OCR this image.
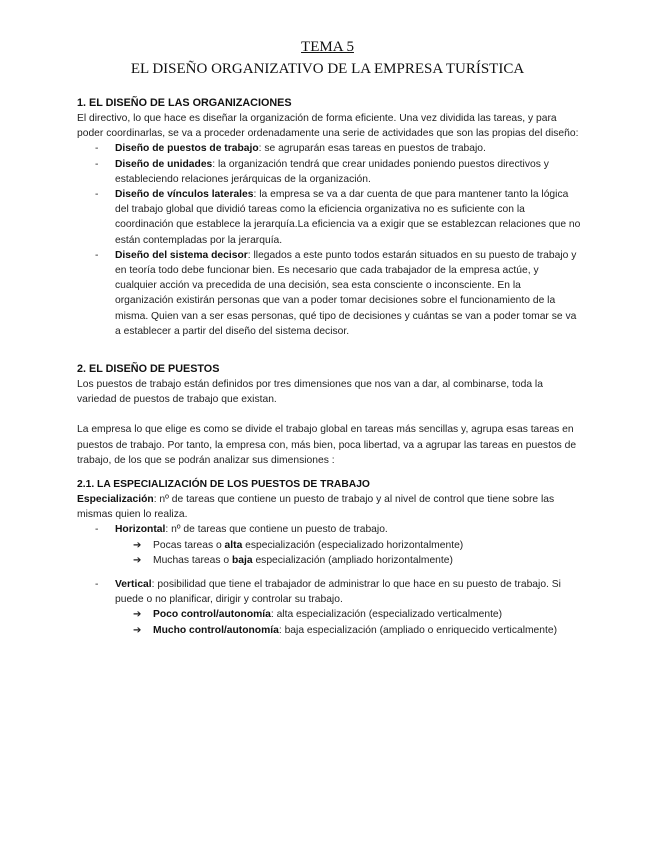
TEMA 5

EL DISEÑO ORGANIZATIVO DE LA EMPRESA TURÍSTICA

1. EL DISEÑO DE LAS ORGANIZACIONES

El directivo, lo que hace es diseñar la organización de forma eficiente. Una vez dividida las tareas, y para poder coordinarlas, se va a proceder ordenadamente una serie de actividades que son las propias del diseño:

- Diseño de puestos de trabajo: se agruparán esas tareas en puestos de trabajo.
- Diseño de unidades: la organización tendrá que crear unidades poniendo puestos directivos y estableciendo relaciones jerárquicas de la organización.
- Diseño de vínculos laterales: la empresa se va a dar cuenta de que para mantener tanto la lógica del trabajo global que dividió tareas como la eficiencia organizativa no es suficiente con la coordinación que establece la jerarquía.La eficiencia va a exigir que se establezcan relaciones que no están contempladas por la jerarquía.
- Diseño del sistema decisor: llegados a este punto todos estarán situados en su puesto de trabajo y en teoría todo debe funcionar bien. Es necesario que cada trabajador de la empresa actúe, y cualquier acción va precedida de una decisión, sea esta consciente o inconsciente. En la organización existirán personas que van a poder tomar decisiones sobre el funcionamiento de la misma. Quien van a ser esas personas, qué tipo de decisiones y cuántas se van a poder tomar se va a establecer a partir del diseño del sistema decisor.
2. EL DISEÑO DE PUESTOS

Los puestos de trabajo están definidos por tres dimensiones que nos van a dar, al combinarse, toda la variedad de puestos de trabajo que existan.

La empresa lo que elige es como se divide el trabajo global en tareas más sencillas y, agrupa esas tareas en puestos de trabajo. Por tanto, la empresa con, más bien, poca libertad, va a agrupar las tareas en puestos de trabajo, de los que se podrán analizar sus dimensiones :

2.1. LA ESPECIALIZACIÓN DE LOS PUESTOS DE TRABAJO

Especialización: nº de tareas que contiene un puesto de trabajo y al nivel de control que tiene sobre las mismas quien lo realiza.

- Horizontal: nº de tareas que contiene un puesto de trabajo.
➔ Pocas tareas o alta especialización (especializado horizontalmente)
➔ Muchas tareas o baja especialización (ampliado horizontalmente)
- Vertical: posibilidad que tiene el trabajador de administrar lo que hace en su puesto de trabajo. Si puede o no planificar, dirigir y controlar su trabajo.
➔ Poco control/autonomía: alta especialización (especializado verticalmente)
➔ Mucho control/autonomía: baja especialización (ampliado o enriquecido verticalmente)
